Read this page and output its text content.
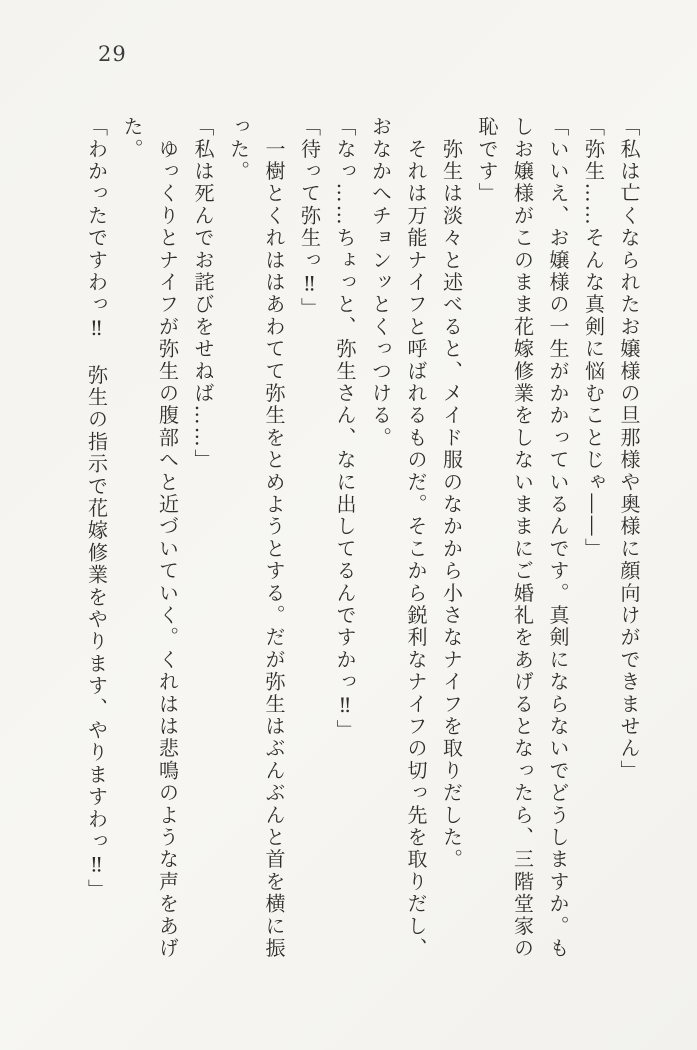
29
「私は亡くなられたお嬢様の旦那様や奥様に顔向けができません」
「弥生……そんな真剣に悩むことじゃ――」
「いいえ、お嬢様の一生がかかっているんです。真剣にならないでどうしますか。も
しお嬢様がこのまま花嫁修業をしないままにご婚礼をあげるとなったら、三階堂家の
恥です」
　弥生は淡々と述べると、メイド服のなかから小さなナイフを取りだした。
　それは万能ナイフと呼ばれるものだ。そこから鋭利なナイフの切っ先を取りだし、
おなかへチョンッとくっつける。
「なっ……ちょっと、弥生さん、なに出してるんですかっ‼」
「待って弥生っ‼」
　一樹とくれははあわてて弥生をとめようとする。だが弥生はぶんぶんと首を横に振
った。
「私は死んでお詫びをせねば……」
　ゆっくりとナイフが弥生の腹部へと近づいていく。くれはは悲鳴のような声をあげ
た。
「わかったですわっ‼　弥生の指示で花嫁修業をやります、やりますわっ‼」
